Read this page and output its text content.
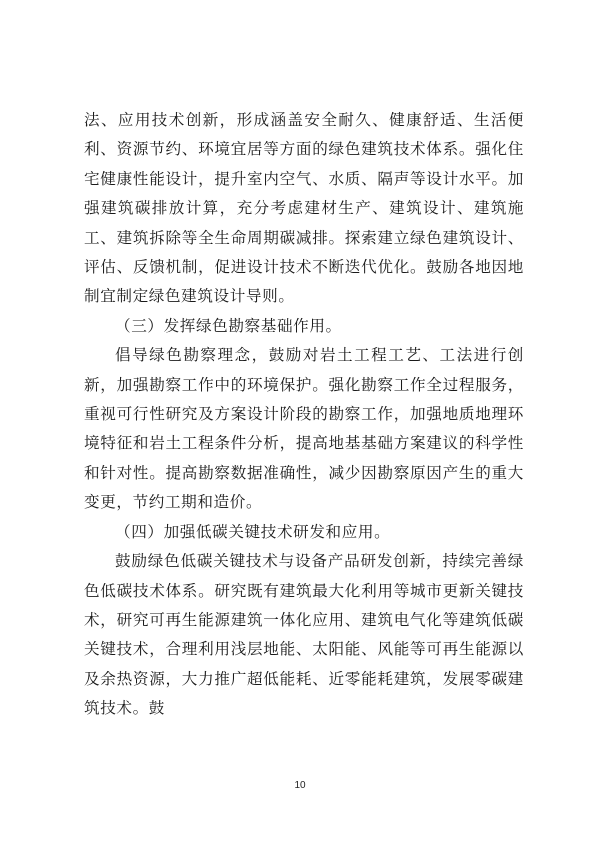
法、应用技术创新，形成涵盖安全耐久、健康舒适、生活便利、资源节约、环境宜居等方面的绿色建筑技术体系。强化住宅健康性能设计，提升室内空气、水质、隔声等设计水平。加强建筑碳排放计算，充分考虑建材生产、建筑设计、建筑施工、建筑拆除等全生命周期碳减排。探索建立绿色建筑设计、评估、反馈机制，促进设计技术不断迭代优化。鼓励各地因地制宜制定绿色建筑设计导则。

（三）发挥绿色勘察基础作用。

倡导绿色勘察理念，鼓励对岩土工程工艺、工法进行创新，加强勘察工作中的环境保护。强化勘察工作全过程服务，重视可行性研究及方案设计阶段的勘察工作，加强地质地理环境特征和岩土工程条件分析，提高地基基础方案建议的科学性和针对性。提高勘察数据准确性，减少因勘察原因产生的重大变更，节约工期和造价。

（四）加强低碳关键技术研发和应用。

鼓励绿色低碳关键技术与设备产品研发创新，持续完善绿色低碳技术体系。研究既有建筑最大化利用等城市更新关键技术，研究可再生能源建筑一体化应用、建筑电气化等建筑低碳关键技术，合理利用浅层地能、太阳能、风能等可再生能源以及余热资源，大力推广超低能耗、近零能耗建筑，发展零碳建筑技术。鼓

10
